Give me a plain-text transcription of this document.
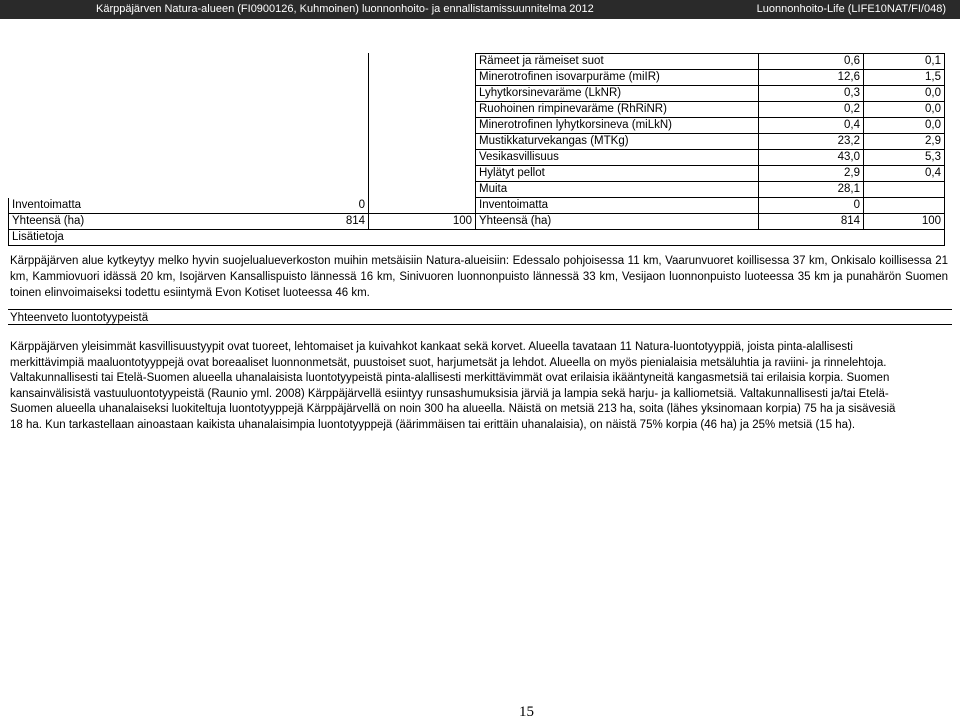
Kärppäjärven Natura-alueen (FI0900126, Kuhmoinen) luonnonhoito- ja ennallistamissuunnitelma 2012	Luonnonhoito-Life (LIFE10NAT/FI/048)
		Rämeet ja rämeiset suot	0,6	0,1
		Minerotrofinen isovarpuräme (miIR)	12,6	1,5
		Lyhytkorsinevaräme (LkNR)	0,3	0,0
		Ruohoinen rimpinevaräme (RhRiNR)	0,2	0,0
		Minerotrofinen lyhytkorsineva (miLkN)	0,4	0,0
		Mustikkaturvekangas (MTKg)	23,2	2,9
		Vesikasvillisuus	43,0	5,3
		Hylätyt pellot	2,9	0,4
		Muita	28,1	
Inventoimatta 0		Inventoimatta	0	
Yhteensä (ha) 814	100	Yhteensä (ha)	814	100
Lisätietoja				
Kärppäjärven alue kytkeytyy melko hyvin suojelualueverkoston muihin metsäisiin Natura-alueisiin: Edessalo pohjoisessa 11 km, Vaarunvuoret koillisessa 37 km, Onkisalo koillisessa 21 km, Kammiovuori idässä 20 km, Isojärven Kansallispuisto lännessä 16 km, Sinivuoren luonnonpuisto lännessä 33 km, Vesijaon luonnonpuisto luoteessa 35 km ja punahärön Suomen toinen elinvoimaiseksi todettu esiintymä Evon Kotiset luoteessa 46 km.
Yhteenveto luontotyypeistä
Kärppäjärven yleisimmät kasvillisuustyypit ovat tuoreet, lehtomaiset ja kuivahkot kankaat sekä korvet. Alueella tavataan 11 Natura-luontotyyppiä, joista pinta-alallisesti
merkittävimpiä maaluontotyyppejä ovat boreaaliset luonnonmetsät, puustoiset suot, harjumetsät ja lehdot. Alueella on myös pienialaisia metsäluhtia ja raviini- ja rinnelehtoja.
Valtakunnallisesti tai Etelä-Suomen alueella uhanalaisista luontotyypeistä pinta-alallisesti merkittävimmät ovat erilaisia ikääntyneitä kangasmetsiä tai erilaisia korpia. Suomen
kansainvälisistä vastuuluontotyypeistä (Raunio yml. 2008) Kärppäjärvellä esiintyy runsashumuksisia järviä ja lampia sekä harju- ja kalliometsiä. Valtakunnallisesti ja/tai Etelä-
Suomen alueella uhanalaiseksi luokiteltuja luontotyyppejä Kärppäjärvellä on noin 300 ha alueella. Näistä on metsiä 213 ha, soita (lähes yksinomaan korpia) 75 ha ja sisävesiä
18 ha. Kun tarkastellaan ainoastaan kaikista uhanalaisimpia luontotyyppejä (äärimmäisen tai erittäin uhanalaisia), on näistä 75% korpia (46 ha) ja 25% metsiä (15 ha).
15
